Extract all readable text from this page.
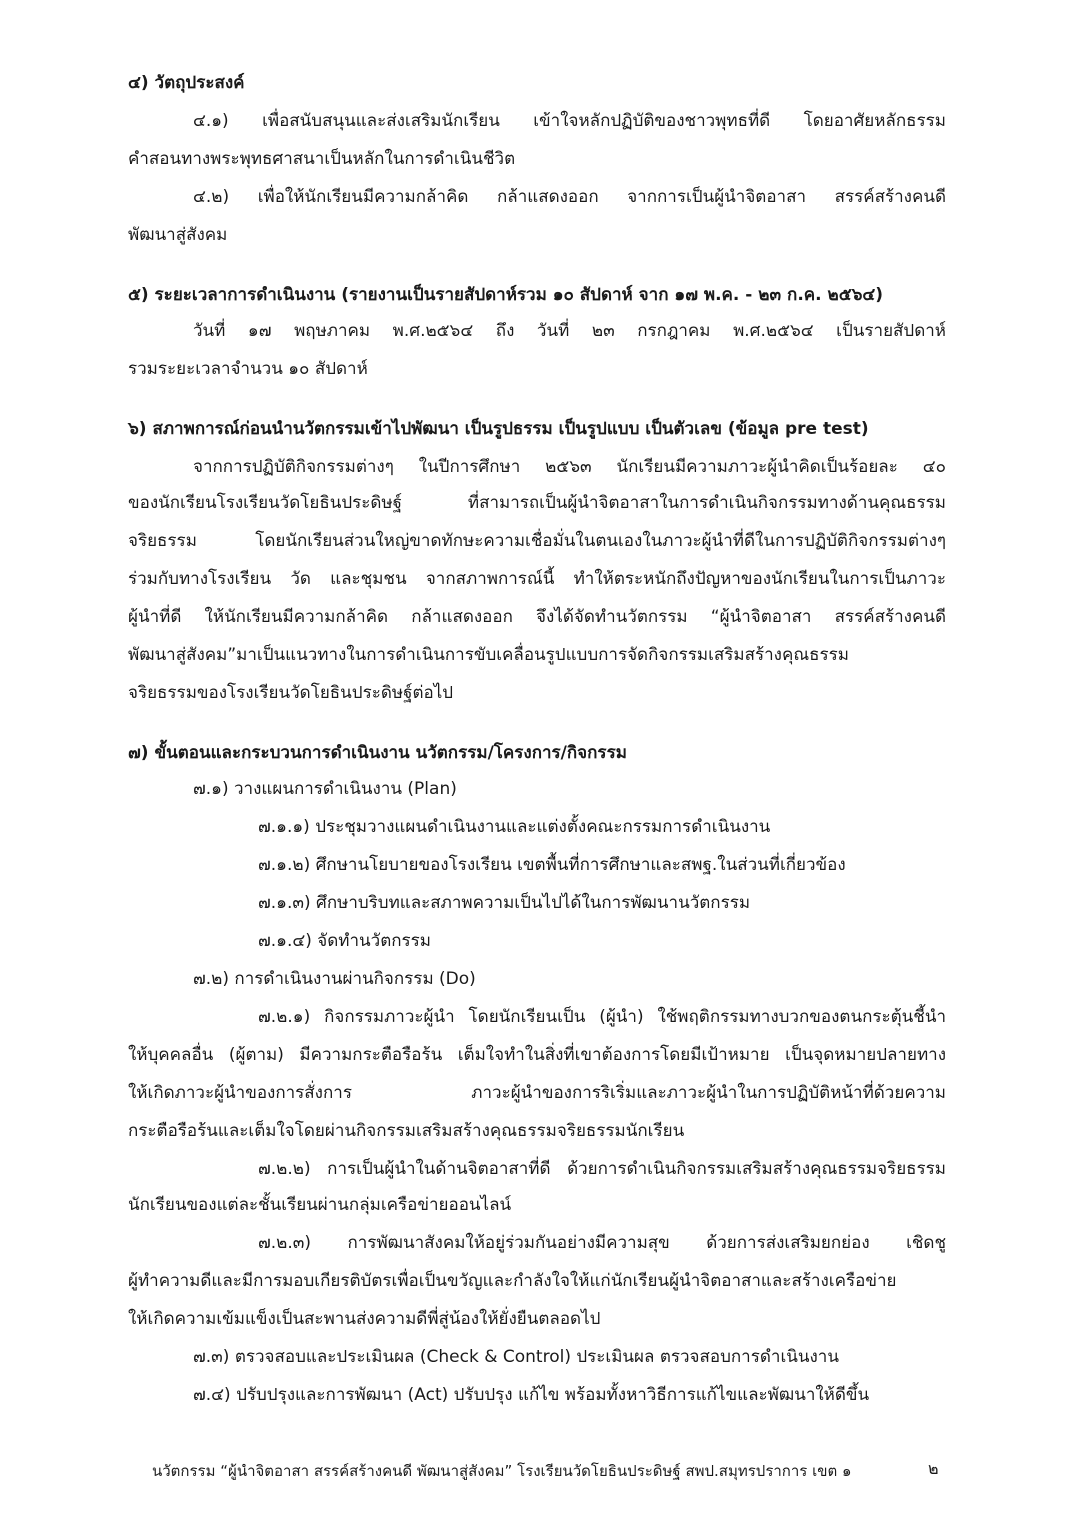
๔) วัตถุประสงค์

๔.๑) เพื่อสนับสนุนและส่งเสริมนักเรียน เข้าใจหลักปฏิบัติของชาวพุทธที่ดี โดยอาศัยหลักธรรม

คำสอนทางพระพุทธศาสนาเป็นหลักในการดำเนินชีวิต

๔.๒) เพื่อให้นักเรียนมีความกล้าคิด กล้าแสดงออก จากการเป็นผู้นำจิตอาสา สรรค์สร้างคนดี

พัฒนาสู่สังคม

๕) ระยะเวลาการดำเนินงาน (รายงานเป็นรายสัปดาห์รวม ๑๐ สัปดาห์ จาก ๑๗ พ.ค. - ๒๓ ก.ค. ๒๕๖๔)

วันที่ ๑๗ พฤษภาคม พ.ศ.๒๕๖๔ ถึง วันที่ ๒๓ กรกฎาคม พ.ศ.๒๕๖๔ เป็นรายสัปดาห์

รวมระยะเวลาจำนวน ๑๐ สัปดาห์

๖) สภาพการณ์ก่อนนำนวัตกรรมเข้าไปพัฒนา เป็นรูปธรรม เป็นรูปแบบ เป็นตัวเลข (ข้อมูล pre test)

จากการปฏิบัติกิจกรรมต่างๆ ในปีการศึกษา ๒๕๖๓ นักเรียนมีความภาวะผู้นำคิดเป็นร้อยละ ๔๐

ของนักเรียนโรงเรียนวัดโยธินประดิษฐ์ ที่สามารถเป็นผู้นำจิตอาสาในการดำเนินกิจกรรมทางด้านคุณธรรม

จริยธรรม โดยนักเรียนส่วนใหญ่ขาดทักษะความเชื่อมั่นในตนเองในภาวะผู้นำที่ดีในการปฏิบัติกิจกรรมต่างๆ

ร่วมกับทางโรงเรียน วัด และชุมชน จากสภาพการณ์นี้ ทำให้ตระหนักถึงปัญหาของนักเรียนในการเป็นภาวะ

ผู้นำที่ดี ให้นักเรียนมีความกล้าคิด กล้าแสดงออก จึงได้จัดทำนวัตกรรม “ผู้นำจิตอาสา สรรค์สร้างคนดี

พัฒนาสู่สังคม”มาเป็นแนวทางในการดำเนินการขับเคลื่อนรูปแบบการจัดกิจกรรมเสริมสร้างคุณธรรม

จริยธรรมของโรงเรียนวัดโยธินประดิษฐ์ต่อไป

๗) ขั้นตอนและกระบวนการดำเนินงาน นวัตกรรม/โครงการ/กิจกรรม

๗.๑) วางแผนการดำเนินงาน (Plan)

๗.๑.๑) ประชุมวางแผนดำเนินงานและแต่งตั้งคณะกรรมการดำเนินงาน

๗.๑.๒) ศึกษานโยบายของโรงเรียน เขตพื้นที่การศึกษาและสพฐ.ในส่วนที่เกี่ยวข้อง

๗.๑.๓) ศึกษาบริบทและสภาพความเป็นไปได้ในการพัฒนานวัตกรรม

๗.๑.๔) จัดทำนวัตกรรม

๗.๒) การดำเนินงานผ่านกิจกรรม (Do)

๗.๒.๑) กิจกรรมภาวะผู้นำ โดยนักเรียนเป็น (ผู้นำ) ใช้พฤติกรรมทางบวกของตนกระตุ้นชี้นำ

ให้บุคคลอื่น (ผู้ตาม) มีความกระตือรือร้น เต็มใจทำในสิ่งที่เขาต้องการโดยมีเป้าหมาย เป็นจุดหมายปลายทาง

ให้เกิดภาวะผู้นำของการสั่งการ ภาวะผู้นำของการริเริ่มและภาวะผู้นำในการปฏิบัติหน้าที่ด้วยความ

กระตือรือร้นและเต็มใจโดยผ่านกิจกรรมเสริมสร้างคุณธรรมจริยธรรมนักเรียน

๗.๒.๒) การเป็นผู้นำในด้านจิตอาสาที่ดี ด้วยการดำเนินกิจกรรมเสริมสร้างคุณธรรมจริยธรรม

นักเรียนของแต่ละชั้นเรียนผ่านกลุ่มเครือข่ายออนไลน์

๗.๒.๓) การพัฒนาสังคมให้อยู่ร่วมกันอย่างมีความสุข ด้วยการส่งเสริมยกย่อง เชิดชู

ผู้ทำความดีและมีการมอบเกียรติบัตรเพื่อเป็นขวัญและกำลังใจให้แก่นักเรียนผู้นำจิตอาสาและสร้างเครือข่าย

ให้เกิดความเข้มแข็งเป็นสะพานส่งความดีพี่สู่น้องให้ยั่งยืนตลอดไป

๗.๓) ตรวจสอบและประเมินผล (Check & Control) ประเมินผล ตรวจสอบการดำเนินงาน

๗.๔) ปรับปรุงและการพัฒนา (Act) ปรับปรุง แก้ไข พร้อมทั้งหาวิธีการแก้ไขและพัฒนาให้ดีขึ้น

นวัตกรรม “ผู้นำจิตอาสา สรรค์สร้างคนดี พัฒนาสู่สังคม” โรงเรียนวัดโยธินประดิษฐ์ สพป.สมุทรปราการ เขต ๑	๒
